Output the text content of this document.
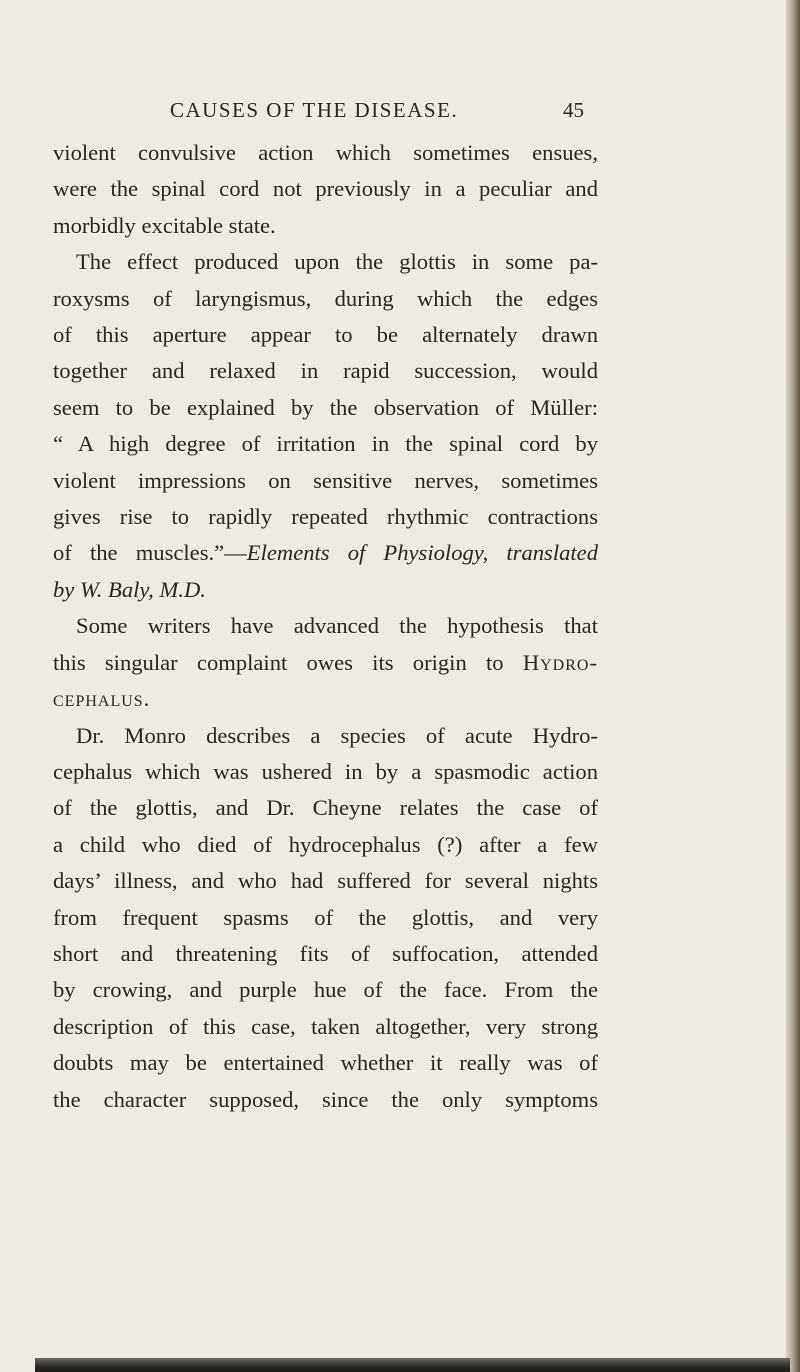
CAUSES OF THE DISEASE.	45
violent convulsive action which sometimes ensues,
were the spinal cord not previously in a peculiar and
morbidly excitable state.
The effect produced upon the glottis in some pa-
roxysms of laryngismus, during which the edges
of this aperture appear to be alternately drawn
together and relaxed in rapid succession, would
seem to be explained by the observation of Müller:
“ A high degree of irritation in the spinal cord by
violent impressions on sensitive nerves, sometimes
gives rise to rapidly repeated rhythmic contractions
of the muscles.”—Elements of Physiology, translated
by W. Baly, M.D.
Some writers have advanced the hypothesis that
this singular complaint owes its origin to Hydro-
cephalus.
Dr. Monro describes a species of acute Hydro-
cephalus which was ushered in by a spasmodic action
of the glottis, and Dr. Cheyne relates the case of
a child who died of hydrocephalus (?) after a few
days’ illness, and who had suffered for several nights
from frequent spasms of the glottis, and very
short and threatening fits of suffocation, attended
by crowing, and purple hue of the face. From the
description of this case, taken altogether, very strong
doubts may be entertained whether it really was of
the character supposed, since the only symptoms
